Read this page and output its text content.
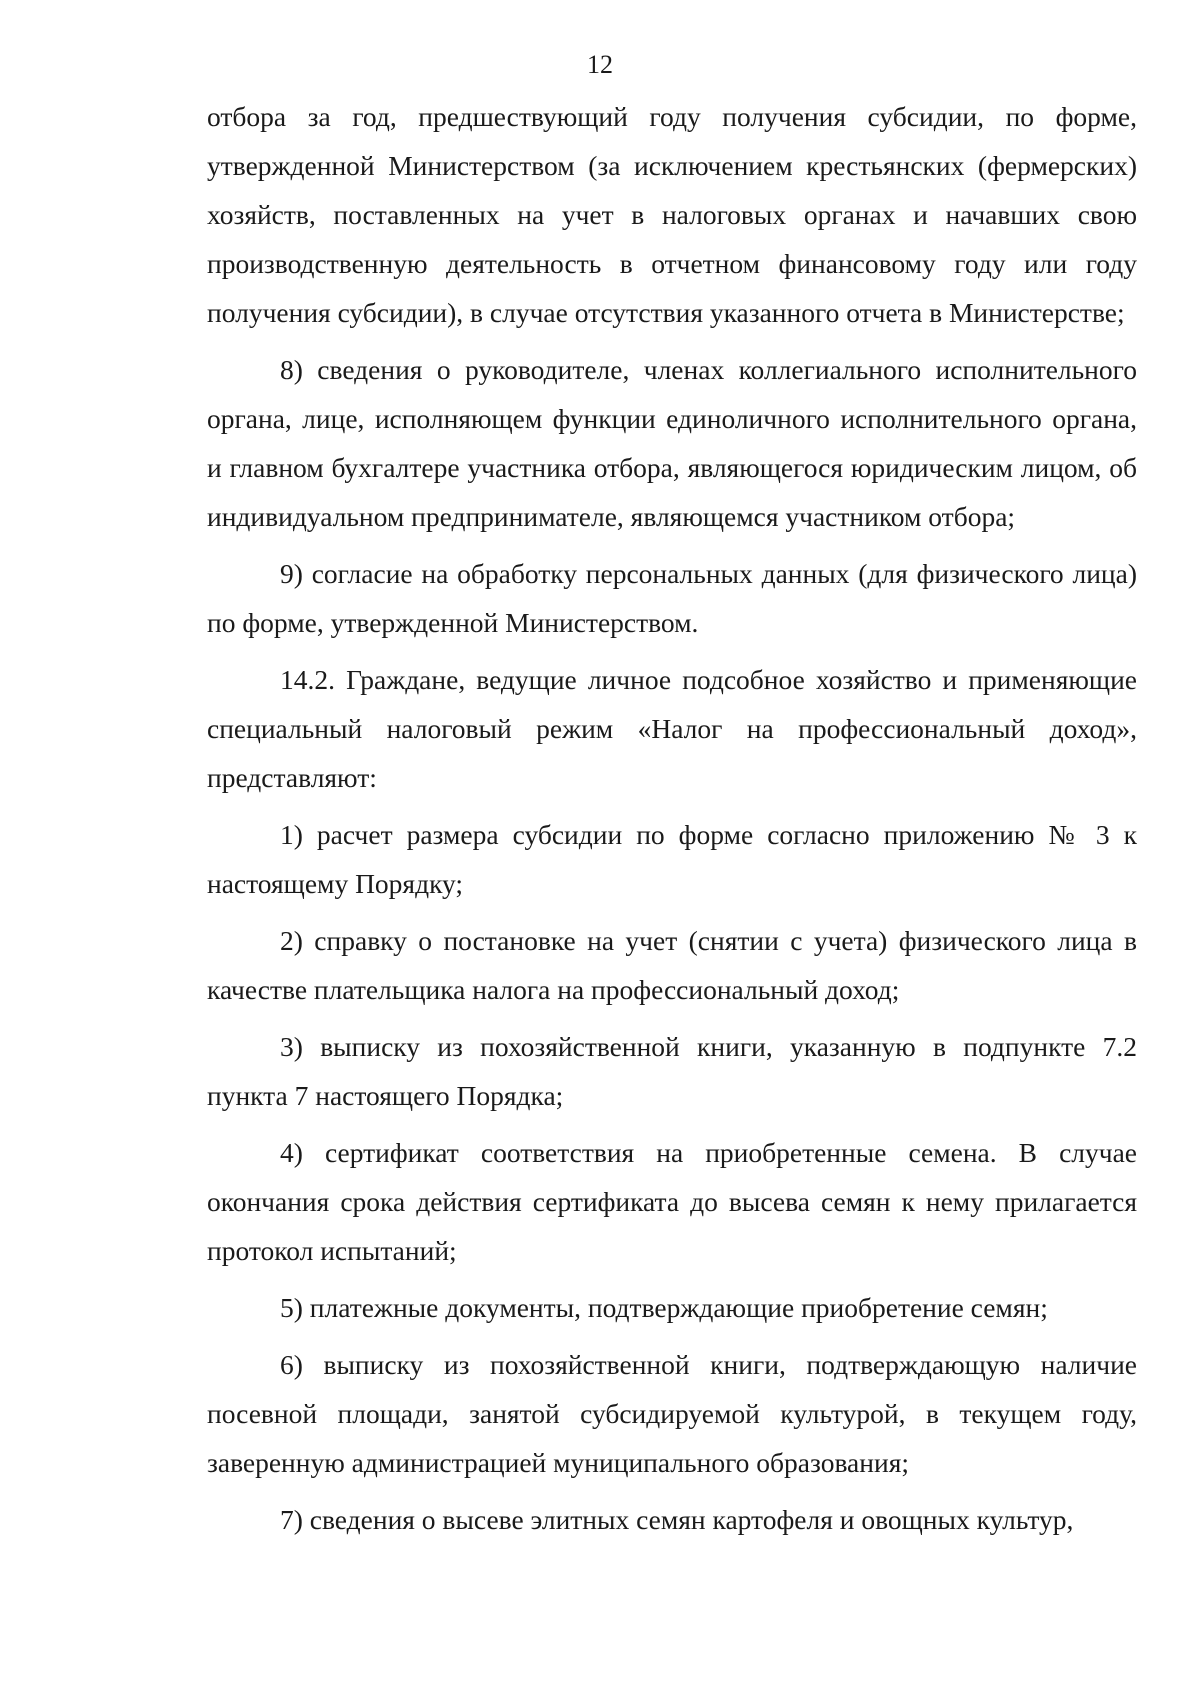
12

отбора за год, предшествующий году получения субсидии, по форме, утвержденной Министерством (за исключением крестьянских (фермерских) хозяйств, поставленных на учет в налоговых органах и начавших свою производственную деятельность в отчетном финансовому году или году получения субсидии), в случае отсутствия указанного отчета в Министерстве;

8) сведения о руководителе, членах коллегиального исполнительного органа, лице, исполняющем функции единоличного исполнительного органа, и главном бухгалтере участника отбора, являющегося юридическим лицом, об индивидуальном предпринимателе, являющемся участником отбора;

9) согласие на обработку персональных данных (для физического лица) по форме, утвержденной Министерством.

14.2. Граждане, ведущие личное подсобное хозяйство и применяющие специальный налоговый режим «Налог на профессиональный доход», представляют:

1) расчет размера субсидии по форме согласно приложению № 3 к настоящему Порядку;

2) справку о постановке на учет (снятии с учета) физического лица в качестве плательщика налога на профессиональный доход;

3) выписку из похозяйственной книги, указанную в подпункте 7.2 пункта 7 настоящего Порядка;

4) сертификат соответствия на приобретенные семена. В случае окончания срока действия сертификата до высева семян к нему прилагается протокол испытаний;

5) платежные документы, подтверждающие приобретение семян;

6) выписку из похозяйственной книги, подтверждающую наличие посевной площади, занятой субсидируемой культурой, в текущем году, заверенную администрацией муниципального образования;

7) сведения о высеве элитных семян картофеля и овощных культур,
